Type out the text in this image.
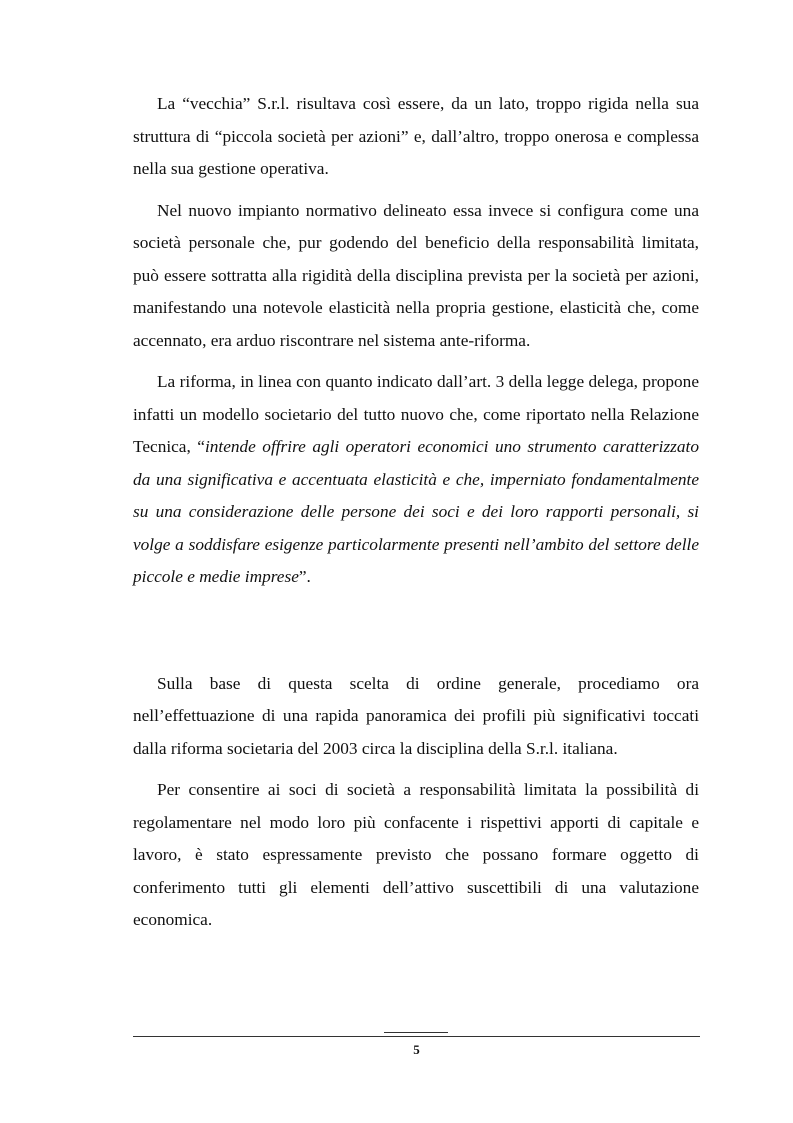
La “vecchia” S.r.l. risultava così essere, da un lato, troppo rigida nella sua struttura di “piccola società per azioni” e, dall’altro, troppo onerosa e complessa nella sua gestione operativa.

Nel nuovo impianto normativo delineato essa invece si configura come una società personale che, pur godendo del beneficio della responsabilità limitata, può essere sottratta alla rigidità della disciplina prevista per la società per azioni, manifestando una notevole elasticità nella propria gestione, elasticità che, come accennato, era arduo riscontrare nel sistema ante-riforma.

La riforma, in linea con quanto indicato dall’art. 3 della legge delega, propone infatti un modello societario del tutto nuovo che, come riportato nella Relazione Tecnica, “intende offrire agli operatori economici uno strumento caratterizzato da una significativa e accentuata elasticità e che, imperniato fondamentalmente su una considerazione delle persone dei soci e dei loro rapporti personali, si volge a soddisfare esigenze particolarmente presenti nell’ambito del settore delle piccole e medie imprese”.

Sulla base di questa scelta di ordine generale, procediamo ora nell’effettuazione di una rapida panoramica dei profili più significativi toccati dalla riforma societaria del 2003 circa la disciplina della S.r.l. italiana.

Per consentire ai soci di società a responsabilità limitata la possibilità di regolamentare nel modo loro più confacente i rispettivi apporti di capitale e lavoro, è stato espressamente previsto che possano formare oggetto di conferimento tutti gli elementi dell’attivo suscettibili di una valutazione economica.

5
